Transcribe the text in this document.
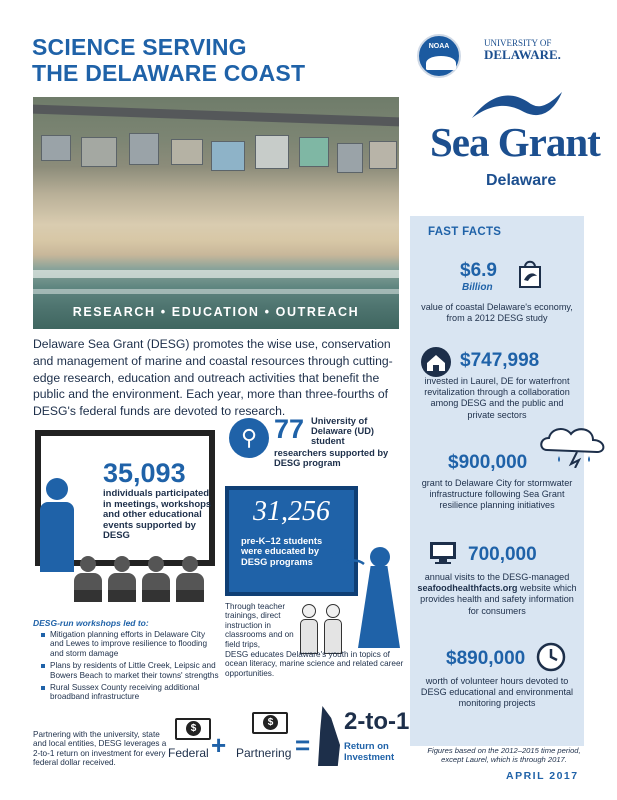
SCIENCE SERVING
THE DELAWARE COAST
NOAA	UNIVERSITY OF
DELAWARE.
Sea Grant
Delaware
RESEARCH • EDUCATION • OUTREACH

Delaware Sea Grant (DESG) promotes the wise use, conservation and management of marine and coastal resources through cutting-edge research, education and outreach activities that benefit the public and the environment. Each year, more than three-fourths of DESG's federal funds are devoted to research.

35,093
individuals participated in meetings, workshops and other educational events supported by DESG
DESG-run workshops led to:
Mitigation planning efforts in Delaware City and Lewes to improve resilience to flooding and storm damage
Plans by residents of Little Creek, Leipsic and Bowers Beach to market their towns' strengths
Rural Sussex County receiving additional broadband infrastructure

Partnering with the university, state and local entities, DESG leverages a 2-to-1 return on investment for every federal dollar received.

⚲ 77 University of Delaware (UD) student
researchers supported by DESG program
31,256
pre-K–12 students were educated by DESG programs

Through teacher trainings, direct instruction in classrooms and on field trips,

DESG educates Delaware's youth in topics of ocean literacy, marine science and related career opportunities.

$
Federal +
$
Partnering =
2-to-1
Return on Investment
FAST FACTS
$6.9
Billion
value of coastal Delaware's economy, from a 2012 DESG study
$747,998
invested in Laurel, DE for waterfront revitalization through a collaboration among DESG and the public and private sectors
$900,000
grant to Delaware City for stormwater infrastructure following Sea Grant resilience planning initiatives
700,000
annual visits to the DESG-managed
seafoodhealthfacts.org website which provides health and safety information for consumers
$890,000
worth of volunteer hours devoted to DESG educational and environmental monitoring projects
Figures based on the 2012–2015 time period, except Laurel, which is through 2017.
APRIL 2017
